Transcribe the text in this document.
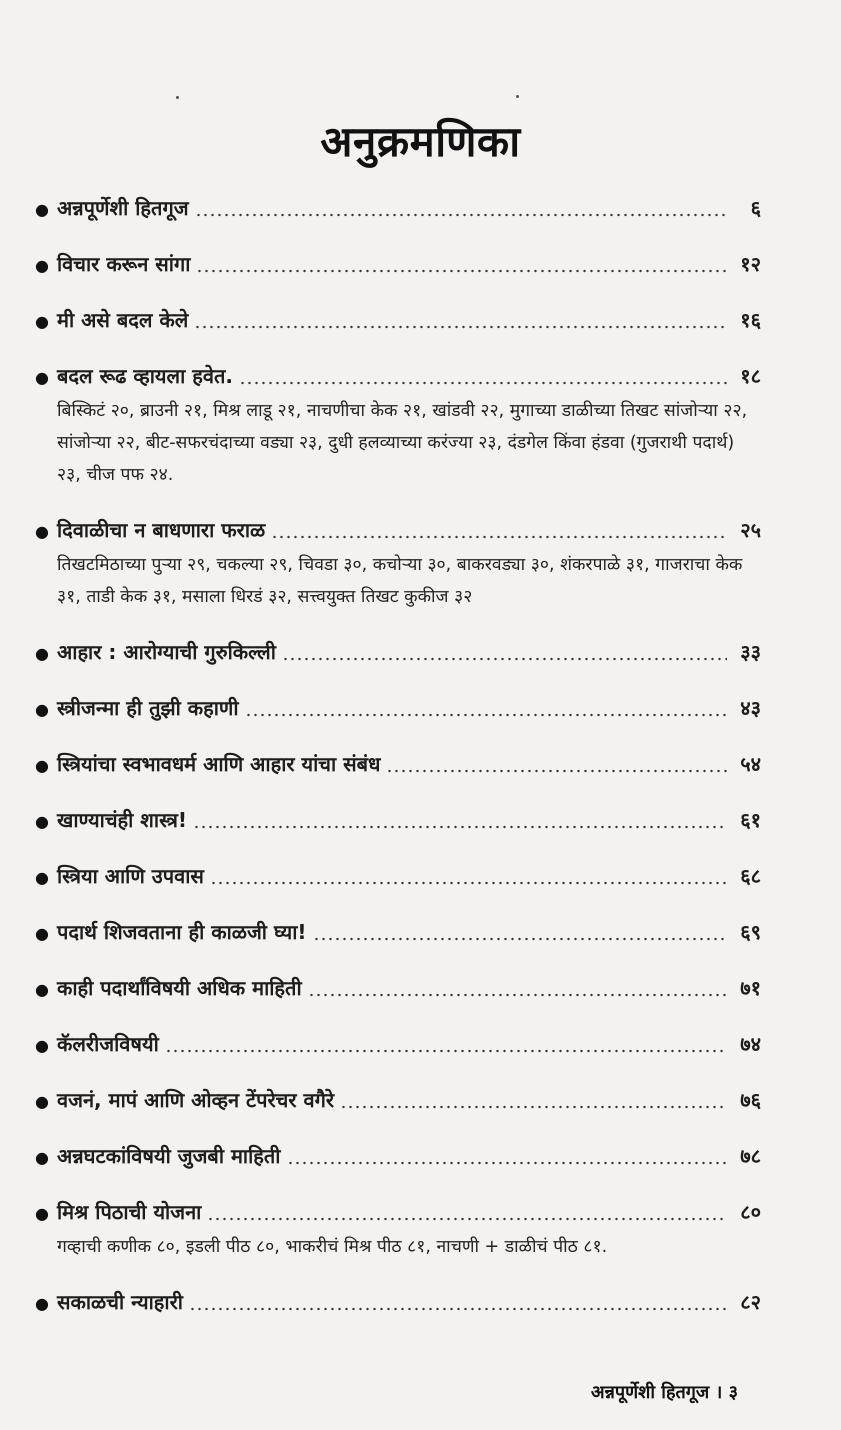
अनुक्रमणिका
● अन्नपूर्णेशी हितगूज	६
● विचार करून सांगा	१२
● मी असे बदल केले	१६
● बदल रूढ व्हायला हवेत.	१८
बिस्किटं २०, ब्राउनी २१, मिश्र लाडू २१, नाचणीचा केक २१, खांडवी २२, मुगाच्या डाळीच्या तिखट सांजोऱ्या २२, सांजोऱ्या २२, बीट-सफरचंदाच्या वड्या २३, दुधी हलव्याच्या करंज्या २३, दंडगेल किंवा हंडवा (गुजराथी पदार्थ) २३, चीज पफ २४.
● दिवाळीचा न बाधणारा फराळ	२५
तिखटमिठाच्या पुऱ्या २९, चकल्या २९, चिवडा ३०, कचोऱ्या ३०, बाकरवड्या ३०, शंकरपाळे ३१, गाजराचा केक ३१, ताडी केक ३१, मसाला धिरडं ३२, सत्त्वयुक्त तिखट कुकीज ३२
● आहार : आरोग्याची गुरुकिल्ली	३३
● स्त्रीजन्मा ही तुझी कहाणी	४३
● स्त्रियांचा स्वभावधर्म आणि आहार यांचा संबंध	५४
● खाण्याचंही शास्त्र!	६१
● स्त्रिया आणि उपवास	६८
● पदार्थ शिजवताना ही काळजी घ्या!	६९
● काही पदार्थांविषयी अधिक माहिती	७१
● कॅलरीजविषयी	७४
● वजनं, मापं आणि ओव्हन टेंपरेचर वगैरे	७६
● अन्नघटकांविषयी जुजबी माहिती	७८
● मिश्र पिठाची योजना	८०
गव्हाची कणीक ८०, इडली पीठ ८०, भाकरीचं मिश्र पीठ ८१, नाचणी + डाळीचं पीठ ८१.
● सकाळची न्याहारी	८२
अन्नपूर्णेशी हितगूज । ३
